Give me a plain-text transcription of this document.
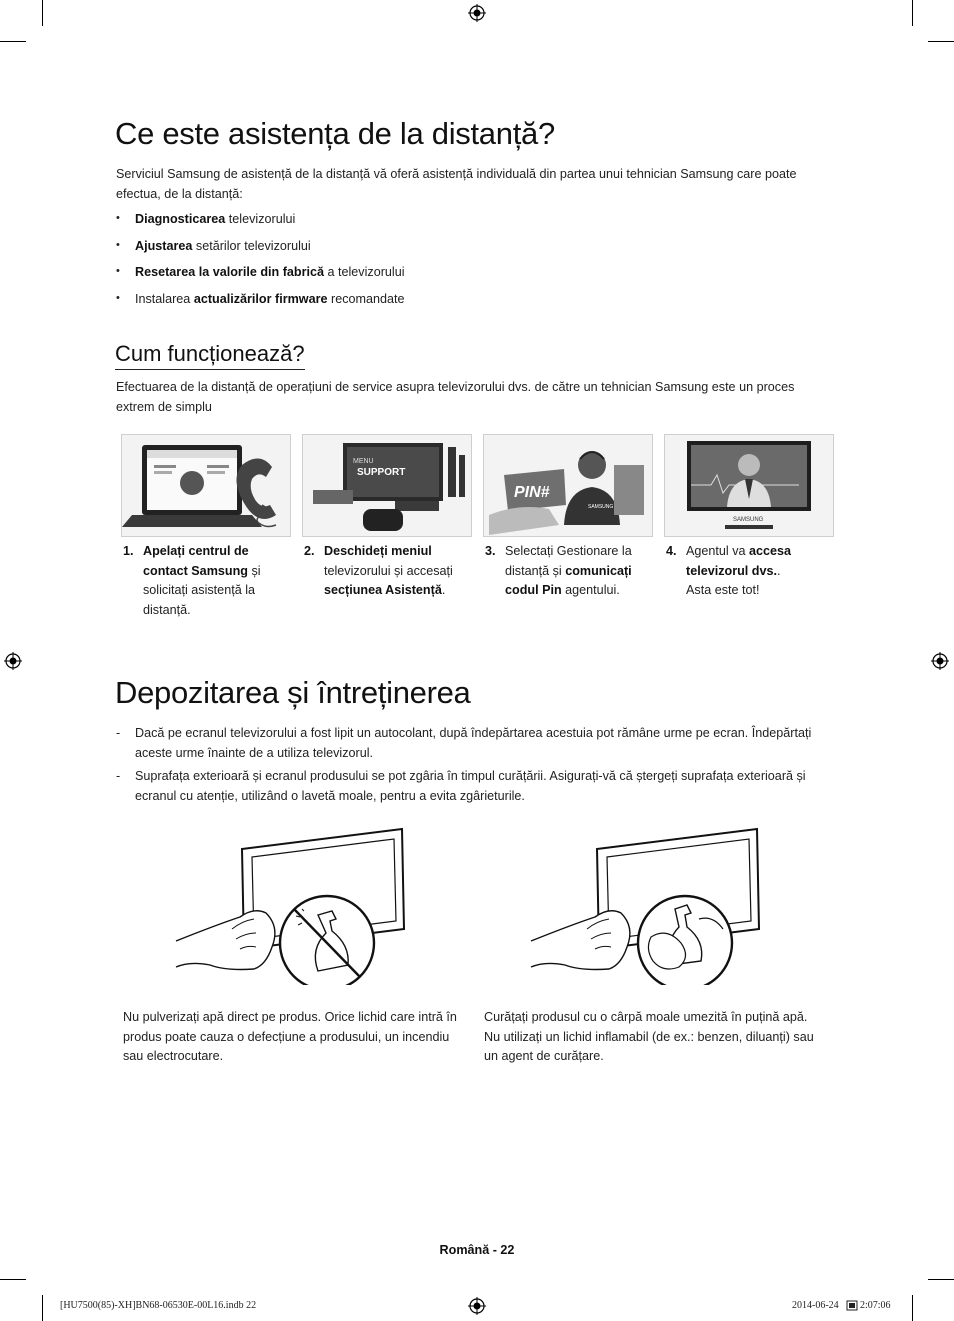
Ce este asistența de la distanță?
Serviciul Samsung de asistență de la distanță vă oferă asistență individuală din partea unui tehnician Samsung care poate efectua, de la distanță:
• Diagnosticarea televizorului
• Ajustarea setărilor televizorului
• Resetarea la valorile din fabrică a televizorului
• Instalarea actualizărilor firmware recomandate
Cum funcționează?
Efectuarea de la distanță de operațiuni de service asupra televizorului dvs. de către un tehnician Samsung este un proces extrem de simplu
MENU
SUPPORT
PIN#
SAMSUNG
SAMSUNG
1. Apelați centrul de contact Samsung și solicitați asistență la distanță.
2. Deschideți meniul televizorului și accesați secțiunea Asistență.
3. Selectați Gestionare la distanță și comunicați codul Pin agentului.
4. Agentul va accesa televizorul dvs.. Asta este tot!
Depozitarea și întreținerea
- Dacă pe ecranul televizorului a fost lipit un autocolant, după îndepărtarea acestuia pot rămâne urme pe ecran. Îndepărtați aceste urme înainte de a utiliza televizorul.
- Suprafața exterioară și ecranul produsului se pot zgâria în timpul curățării. Asigurați-vă că ștergeți suprafața exterioară și ecranul cu atenție, utilizând o lavetă moale, pentru a evita zgârieturile.
Nu pulverizați apă direct pe produs. Orice lichid care intră în produs poate cauza o defecțiune a produsului, un incendiu sau electrocutare.
Curățați produsul cu o cârpă moale umezită în puțină apă. Nu utilizați un lichid inflamabil (de ex.: benzen, diluanți) sau un agent de curățare.
Română - 22
[HU7500(85)-XH]BN68-06530E-00L16.indb 22	2014-06-24 2:07:06
